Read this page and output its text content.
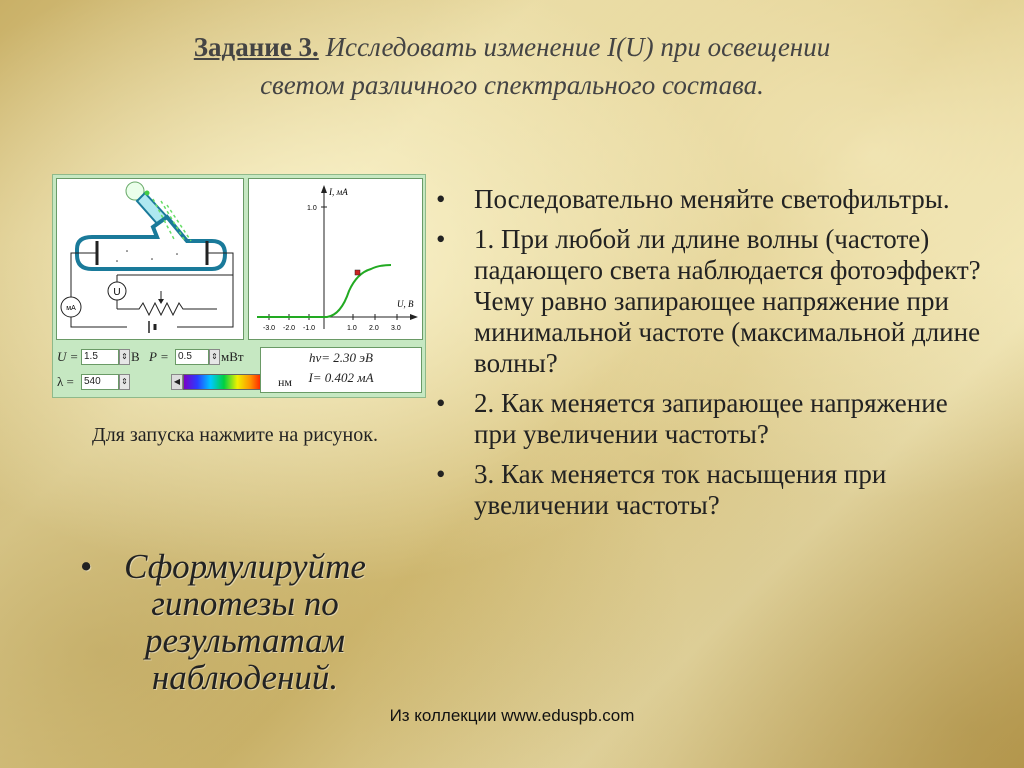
Задание 3. Исследовать изменение I(U) при освещении
светом различного спектрального состава.
U
мА
I, мА
U, В
1.0
-3.0 -2.0 -1.0	1.0 2.0 3.0
U = 1.5	⇕ В P = 0.5	⇕ мВт
λ =	540	⇕	◀
hν= 2.30 эВ
I= 0.402 мА
нм
Для запуска нажмите на рисунок.
• Сформулируйте гипотезы по результатам наблюдений.
• Последовательно меняйте светофильтры.
• 1. При любой ли длине волны (частоте) падающего света наблюдается фотоэффект? Чему равно запирающее напряжение при минимальной частоте (максимальной длине волны?
• 2. Как меняется запирающее напряжение при увеличении частоты?
• 3. Как меняется ток насыщения при увеличении частоты?
Из коллекции www.eduspb.com
